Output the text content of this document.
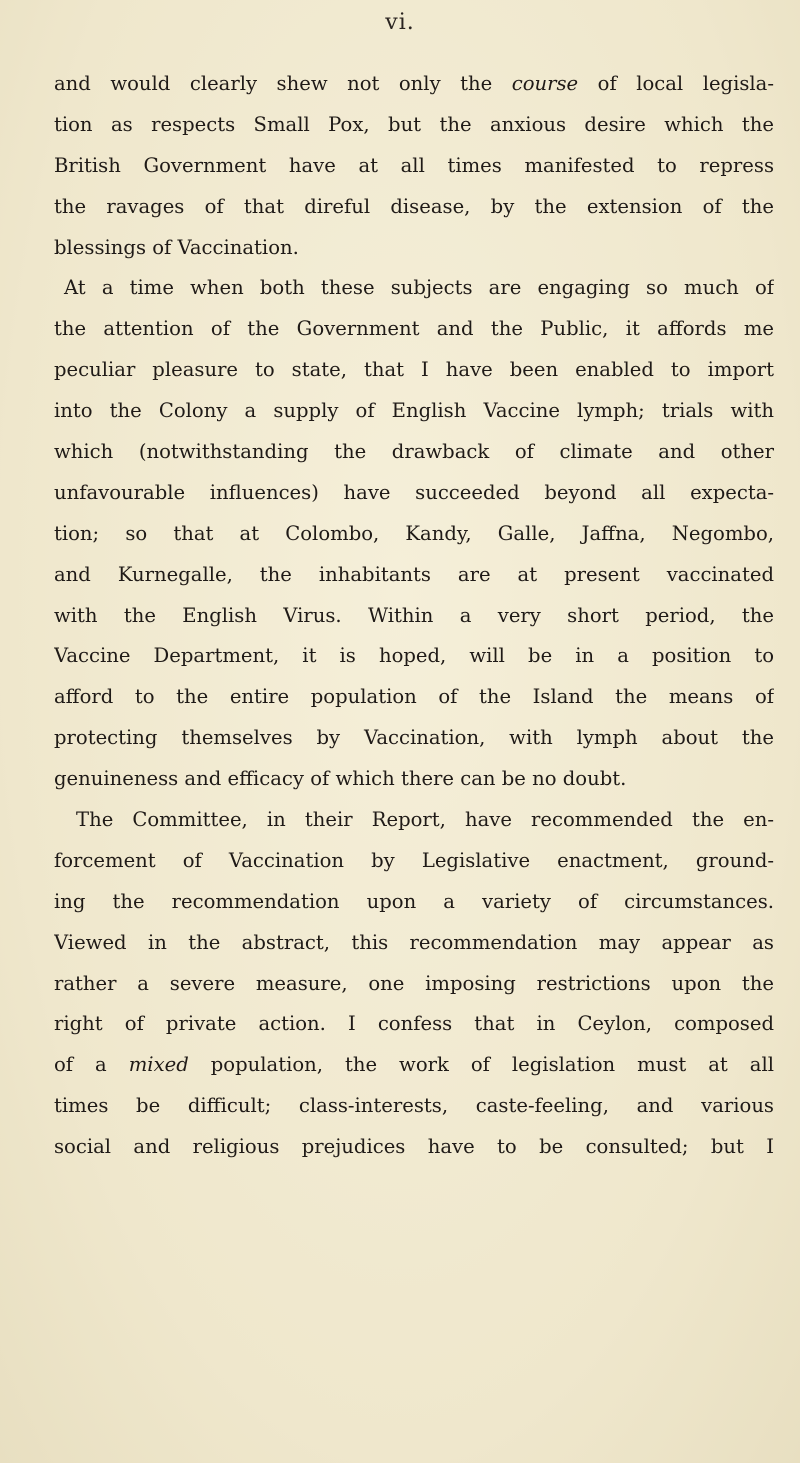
vi.
and would clearly shew not only the course of local legisla-
tion as respects Small Pox, but the anxious desire which the
British Government have at all times manifested to repress
the ravages of that direful disease, by the extension of the
blessings of Vaccination.
At a time when both these subjects are engaging so much of
the attention of the Government and the Public, it affords me
peculiar pleasure to state, that I have been enabled to import
into the Colony a supply of English Vaccine lymph; trials with
which (notwithstanding the drawback of climate and other
unfavourable influences) have succeeded beyond all expecta-
tion; so that at Colombo, Kandy, Galle, Jaffna, Negombo,
and Kurnegalle, the inhabitants are at present vaccinated
with the English Virus. Within a very short period, the
Vaccine Department, it is hoped, will be in a position to
afford to the entire population of the Island the means of
protecting themselves by Vaccination, with lymph about the
genuineness and efficacy of which there can be no doubt.
The Committee, in their Report, have recommended the en-
forcement of Vaccination by Legislative enactment, ground-
ing the recommendation upon a variety of circumstances.
Viewed in the abstract, this recommendation may appear as
rather a severe measure, one imposing restrictions upon the
right of private action. I confess that in Ceylon, composed
of a mixed population, the work of legislation must at all
times be difficult; class-interests, caste-feeling, and various
social and religious prejudices have to be consulted; but I
